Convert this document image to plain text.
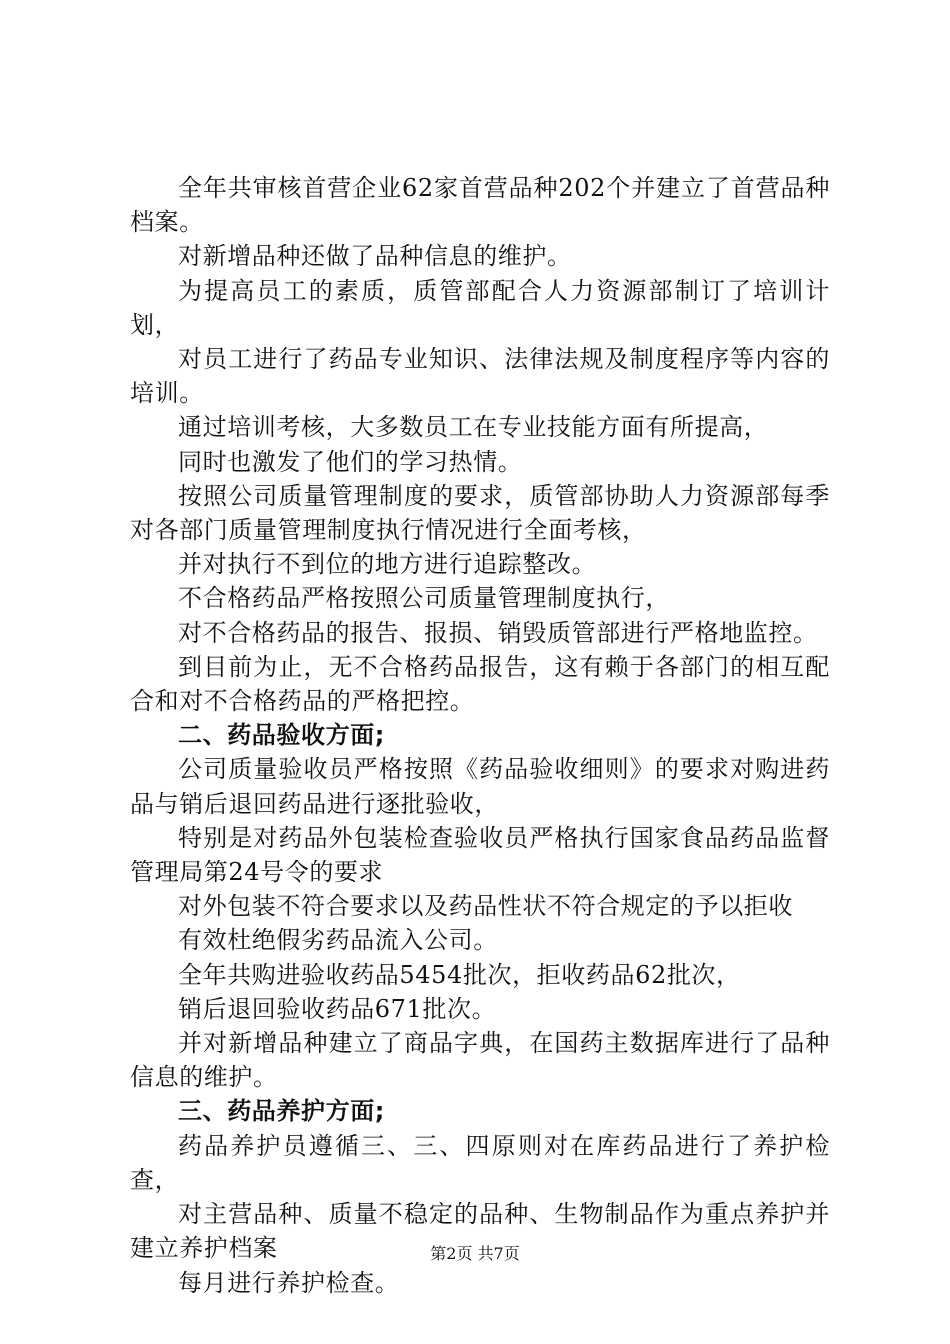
全年共审核首营企业62家首营品种202个并建立了首营品种档案。

对新增品种还做了品种信息的维护。

为提高员工的素质，质管部配合人力资源部制订了培训计划，

对员工进行了药品专业知识、法律法规及制度程序等内容的培训。

通过培训考核，大多数员工在专业技能方面有所提高，

同时也激发了他们的学习热情。

按照公司质量管理制度的要求，质管部协助人力资源部每季对各部门质量管理制度执行情况进行全面考核，

并对执行不到位的地方进行追踪整改。

不合格药品严格按照公司质量管理制度执行，

对不合格药品的报告、报损、销毁质管部进行严格地监控。

到目前为止，无不合格药品报告，这有赖于各部门的相互配合和对不合格药品的严格把控。

二、药品验收方面;

公司质量验收员严格按照《药品验收细则》的要求对购进药品与销后退回药品进行逐批验收，

特别是对药品外包装检查验收员严格执行国家食品药品监督管理局第24号令的要求

对外包装不符合要求以及药品性状不符合规定的予以拒收

有效杜绝假劣药品流入公司。

全年共购进验收药品5454批次，拒收药品62批次，

销后退回验收药品671批次。

并对新增品种建立了商品字典，在国药主数据库进行了品种信息的维护。

三、药品养护方面;

药品养护员遵循三、三、四原则对在库药品进行了养护检查，

对主营品种、质量不稳定的品种、生物制品作为重点养护并建立养护档案

每月进行养护检查。

第2页 共7页
